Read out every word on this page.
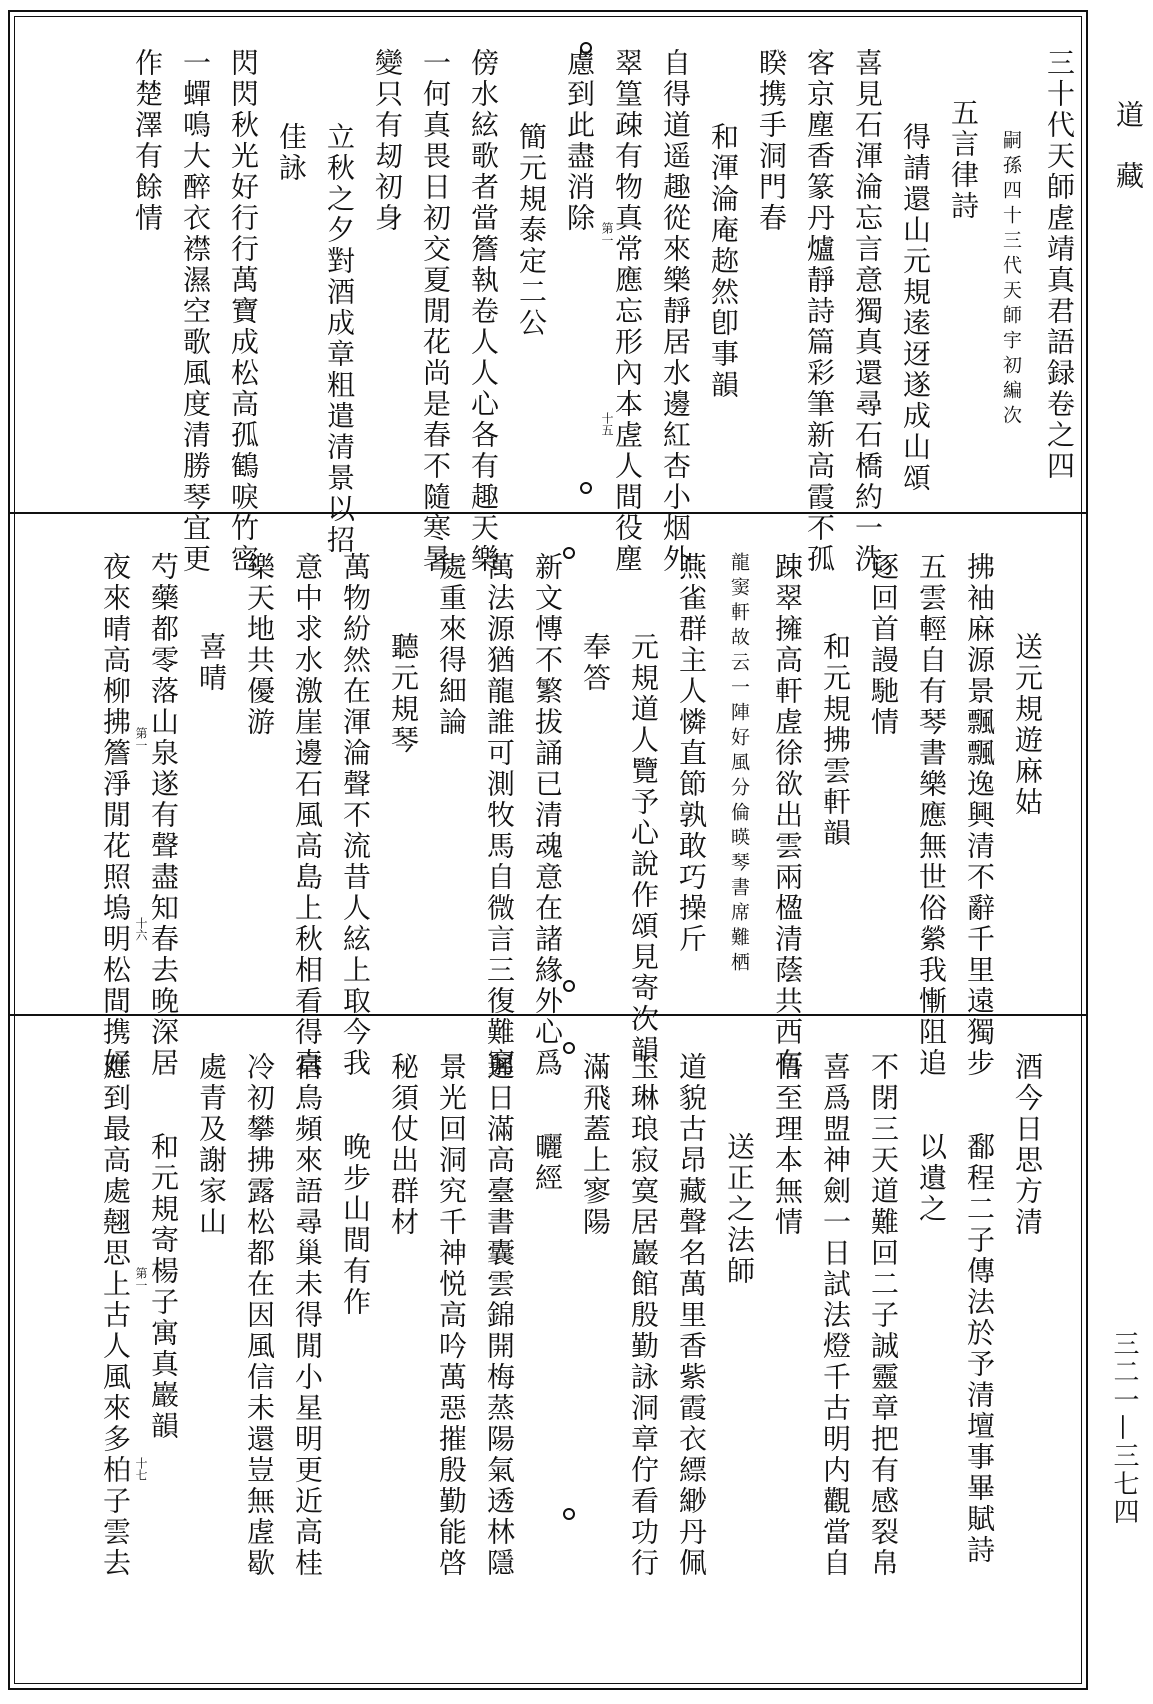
三十代天師虗靖真君語録卷之四
嗣孫四十三代天師宇初編次
五言律詩
得請還山元規逺迓遂成山頌
喜見石渾淪忘言意獨真還尋石橋約一洗
客京塵香篆丹爐靜詩篇彩筆新高霞不孤
睽携手洞門春
和渾淪庵趂然卽事韻
自得道遥趣從來樂靜居水邊紅杏小烟外
翠篁疎有物真常應忘形內本虗人間役塵
慮到此盡消除
簡元規泰定二公
傍水絃歌者當簷執卷人人心各有趣天樂
一何真畏日初交夏閒花尚是春不隨寒暑
變只有刼初身
立秋之夕對酒成章粗遣清景以招
佳詠
閃閃秋光好行行萬寶成松高孤鶴唳竹密
一蟬鳴大醉衣襟濕空歌風度清勝琴宜更
作楚澤有餘情	第一
十五
送元規遊麻姑
拂袖麻源景飄飄逸興清不辭千里遠獨步
五雲輕自有琴書樂應無世俗縈我慚阻追
逐回首謾馳情
和元規拂雲軒韻
踈翠擁高軒虗徐欲出雲兩楹清蔭共西有
龍窦軒故云一陣好風分倫暎琴書席難栖
燕雀群主人憐直節孰敢巧操斤
元規道人覽予心說作頌見寄次韻
奉答
新文慱不繁拔誦已清魂意在諸緣外心爲
萬法源猶龍誰可測牧馬自微言三復難窮
處重來得細論
聽元規琴
萬物紛然在渾淪聲不流昔人絃上取今我
意中求水激崖邊石風高島上秋相看得真
樂天地共優游
喜晴
芍藥都零落山泉遂有聲盡知春去晚深居
夜來晴高柳拂簷淨閒花照塢明松間携好 第一
十六
酒今日思方清
鄱程二子傳法於予清壇事畢賦詩
以遺之
不閉三天道難回二子誠靈章把有感裂帛
喜爲盟神劍一日試法燈千古明内觀當自
悟至理本無情
送正之法師
道貌古昂藏聲名萬里香紫霞衣縹緲丹佩
玉琳琅寂寞居巖館殷勤詠洞章佇看功行
滿飛蓋上寥陽
曬經
遲日滿高臺書囊雲錦開梅蒸陽氣透林隱
景光回洞究千神悦高吟萬惡摧殷勤能啓
秘須仗出群材
晚步山間有作
宿鳥頻來語尋巢未得閒小星明更近高桂
冷初攀拂露松都在因風信未還豈無虗歇
處青及謝家山
和元規寄楊子寓真巖韻
應到最高處翹思上古人風來多柏子雲去 第一
十七
道 藏
三二一—三七四
